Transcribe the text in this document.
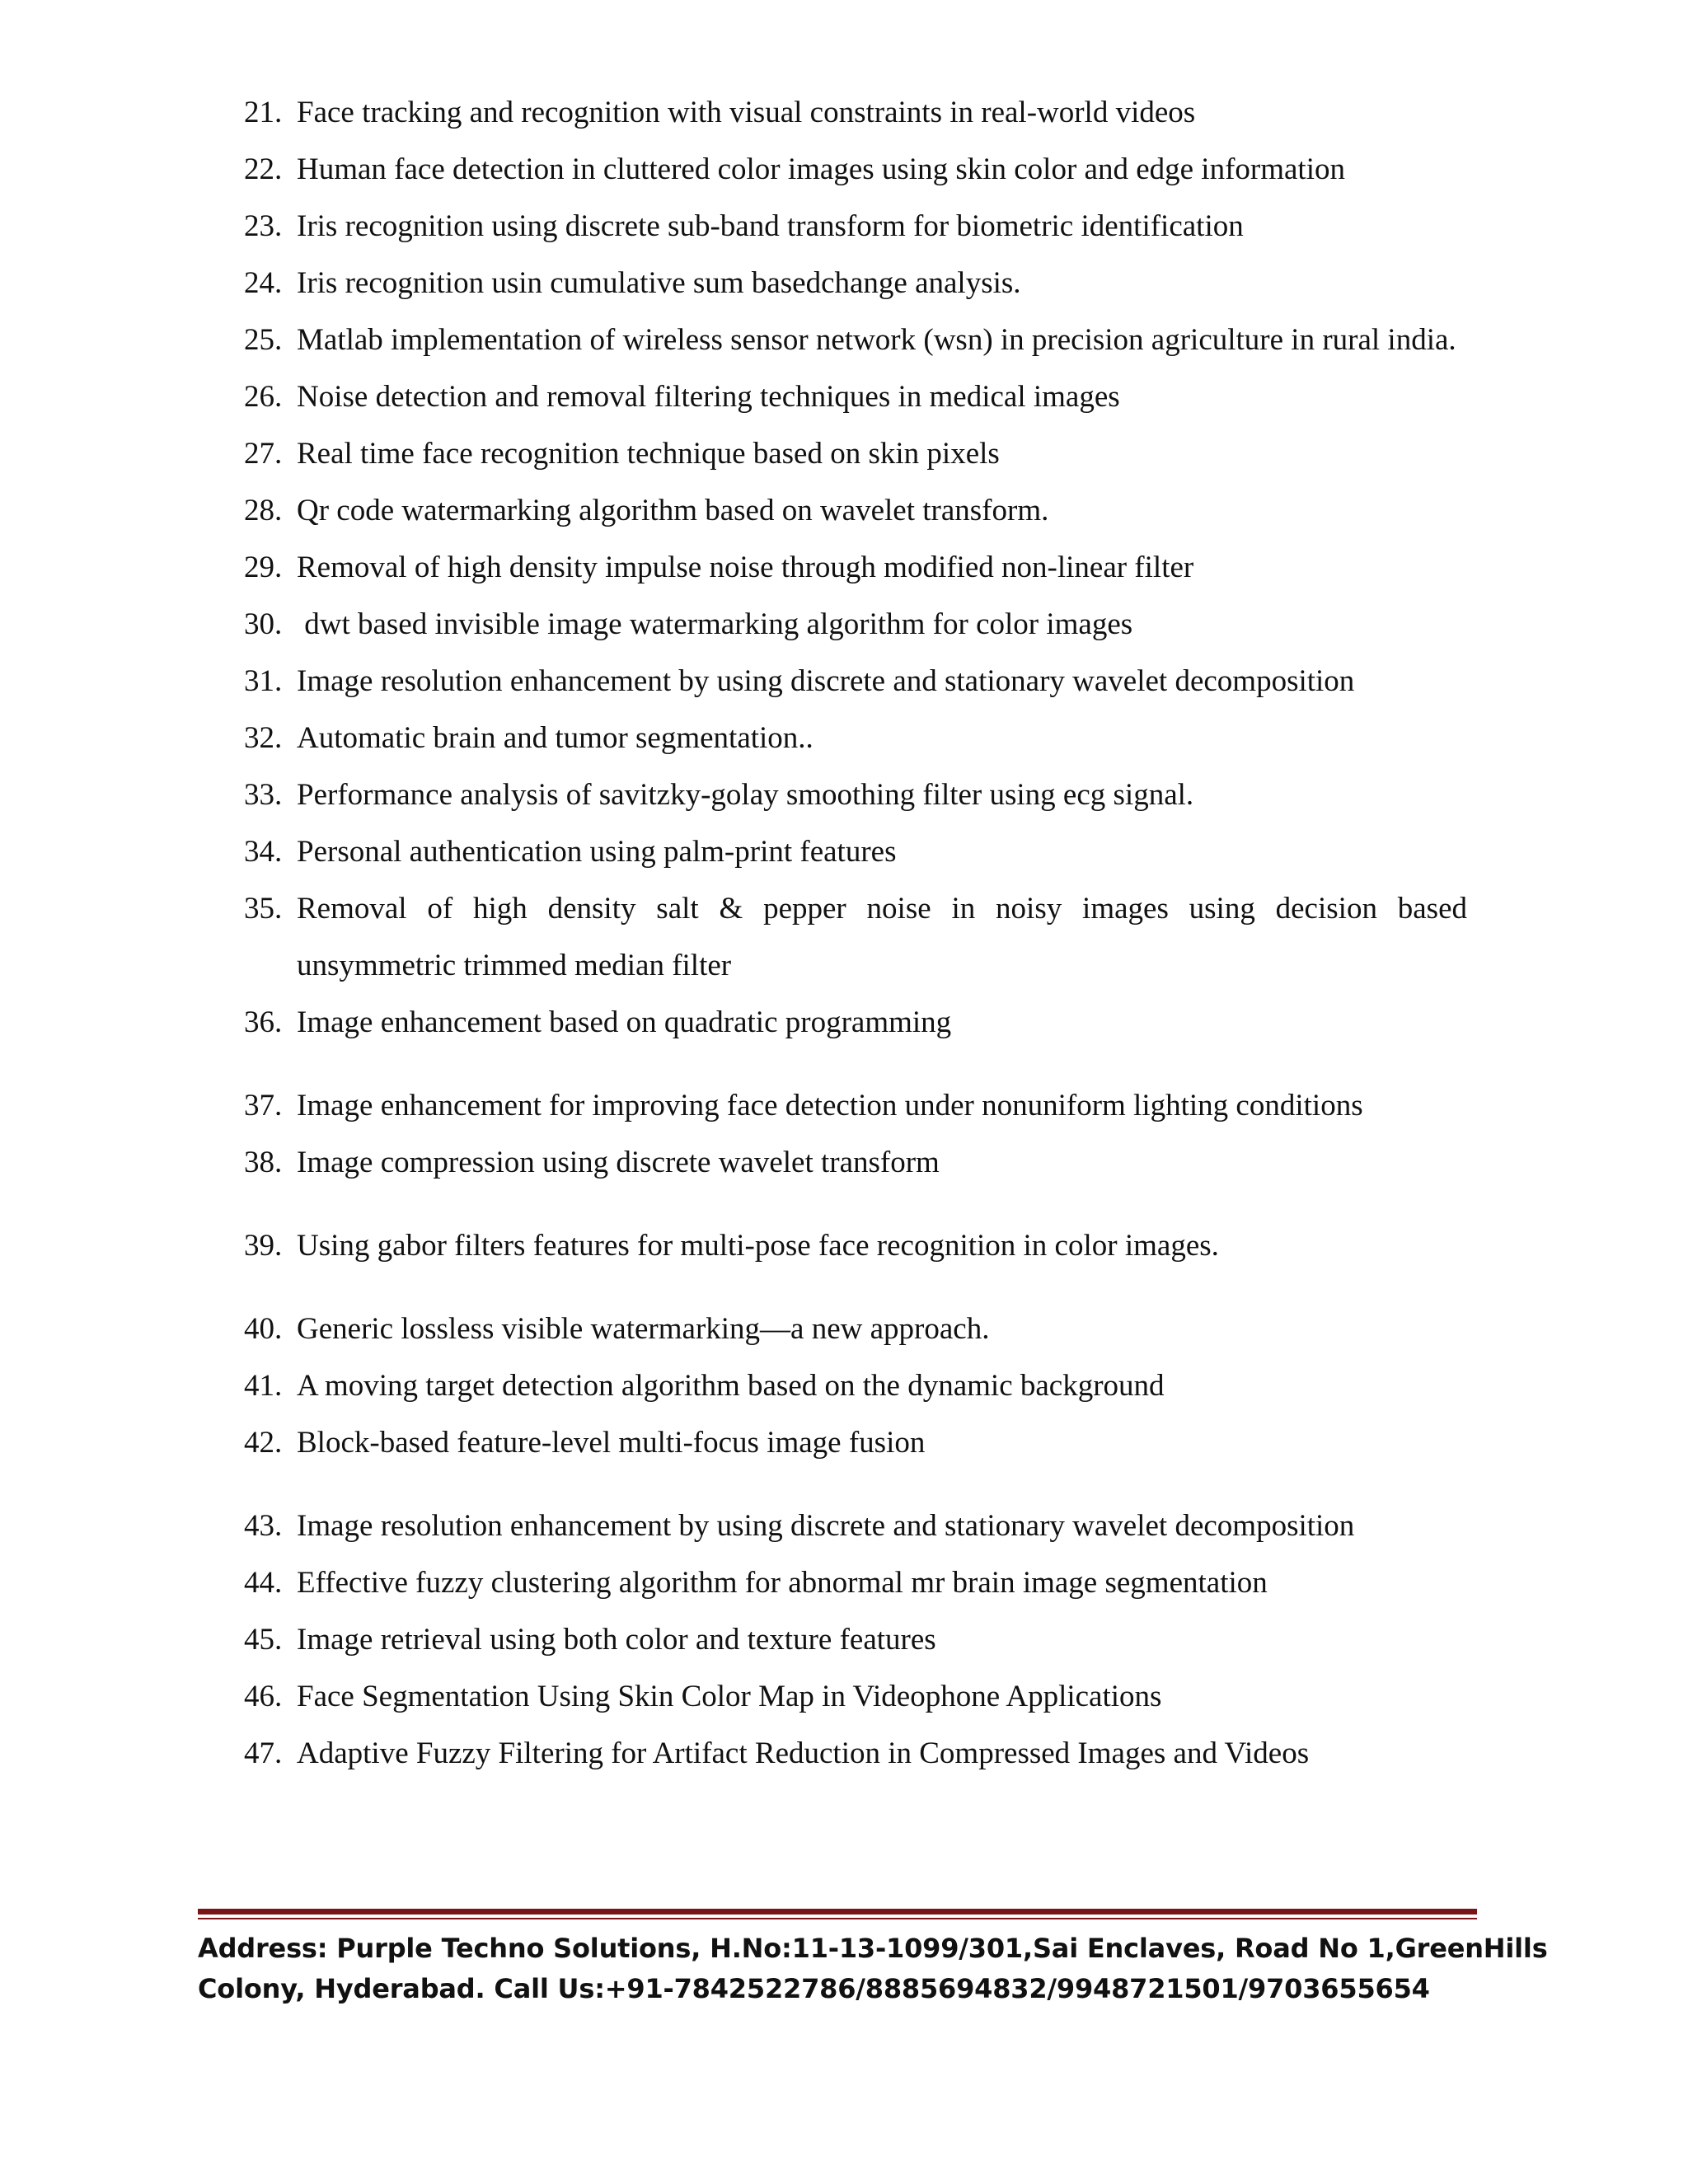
21. Face tracking and recognition with visual constraints in real-world videos
22. Human face detection in cluttered color images using skin color and edge information
23. Iris recognition using discrete sub-band transform for biometric identification
24. Iris recognition usin cumulative sum basedchange analysis.
25. Matlab implementation of wireless sensor network (wsn) in precision agriculture in rural india.
26. Noise detection and removal filtering techniques in medical images
27. Real time face recognition technique based on skin pixels
28. Qr code watermarking algorithm based on wavelet transform.
29. Removal of high density impulse noise through modified non-linear filter
30. dwt based invisible image watermarking algorithm for color images
31. Image resolution enhancement by using discrete and stationary wavelet decomposition
32. Automatic brain and tumor segmentation..
33. Performance analysis of savitzky-golay smoothing filter using ecg signal.
34. Personal authentication using palm-print features
35. Removal of high density salt & pepper noise in noisy images using decision based unsymmetric trimmed median filter
36. Image enhancement based on quadratic programming
37. Image enhancement for improving face detection under nonuniform lighting conditions
38. Image compression using discrete wavelet transform
39. Using gabor filters features for multi-pose face recognition in color images.
40. Generic lossless visible watermarking—a new approach.
41. A moving target detection algorithm based on the dynamic background
42. Block-based feature-level multi-focus image fusion
43. Image resolution enhancement by using discrete and stationary wavelet decomposition
44. Effective fuzzy clustering algorithm for abnormal mr brain image segmentation
45. Image retrieval using both color and texture features
46. Face Segmentation Using Skin Color Map in Videophone Applications
47. Adaptive Fuzzy Filtering for Artifact Reduction in Compressed Images and Videos
Address: Purple Techno Solutions, H.No:11-13-1099/301,Sai Enclaves, Road No 1,GreenHills
Colony, Hyderabad. Call Us:+91-7842522786/8885694832/9948721501/9703655654
